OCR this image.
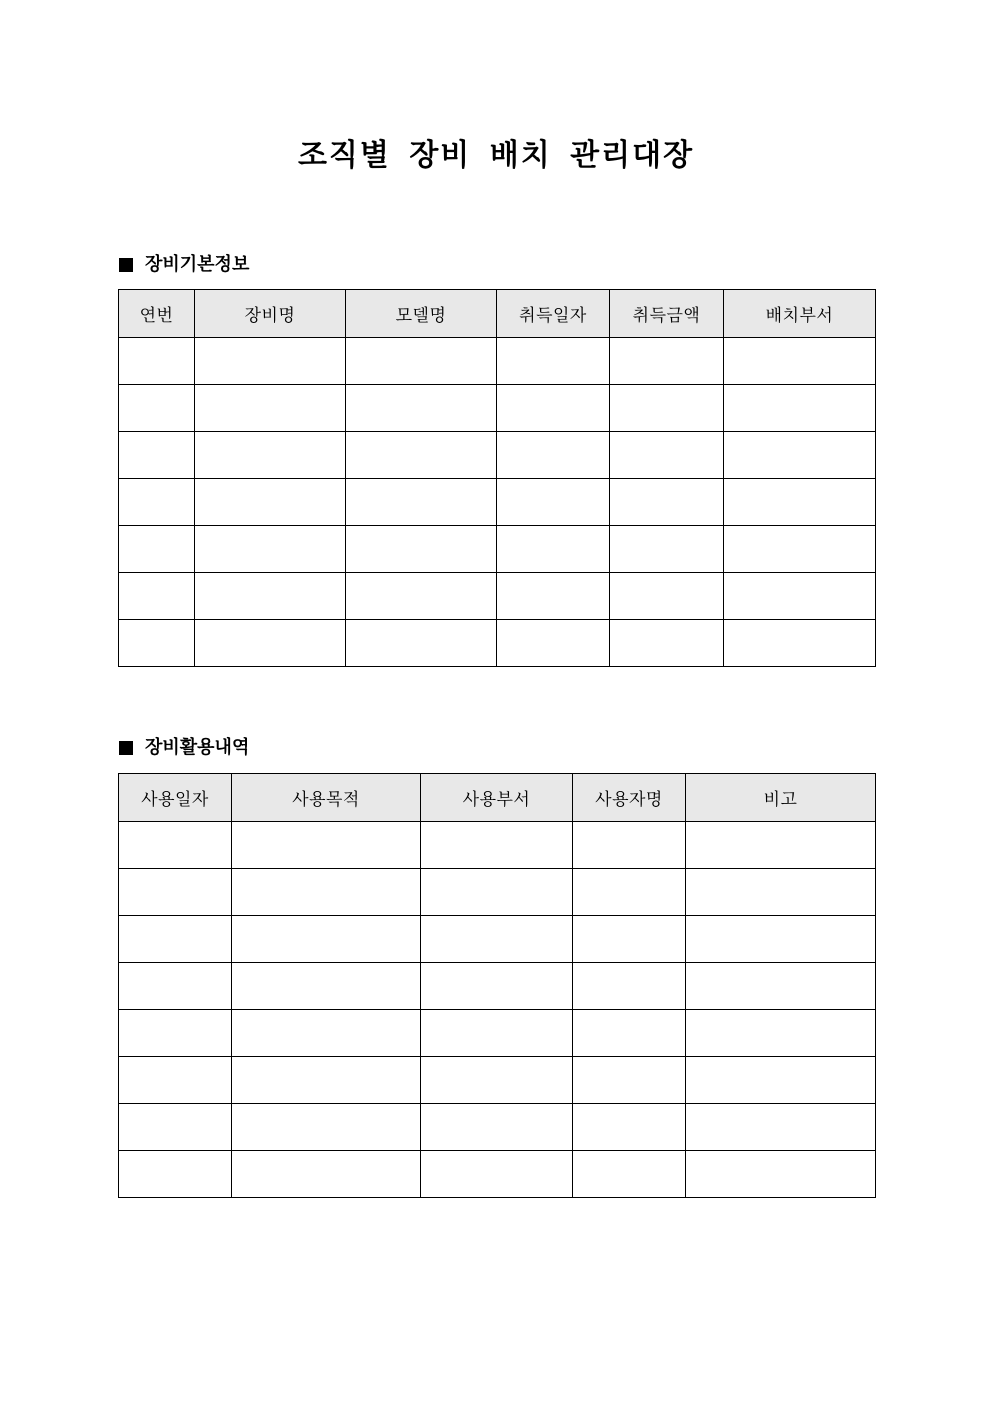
조직별 장비 배치 관리대장
장비기본정보
연번	장비명	모델명	취득일자	취득금액	배치부서

장비활용내역
사용일자	사용목적	사용부서	사용자명	비고
